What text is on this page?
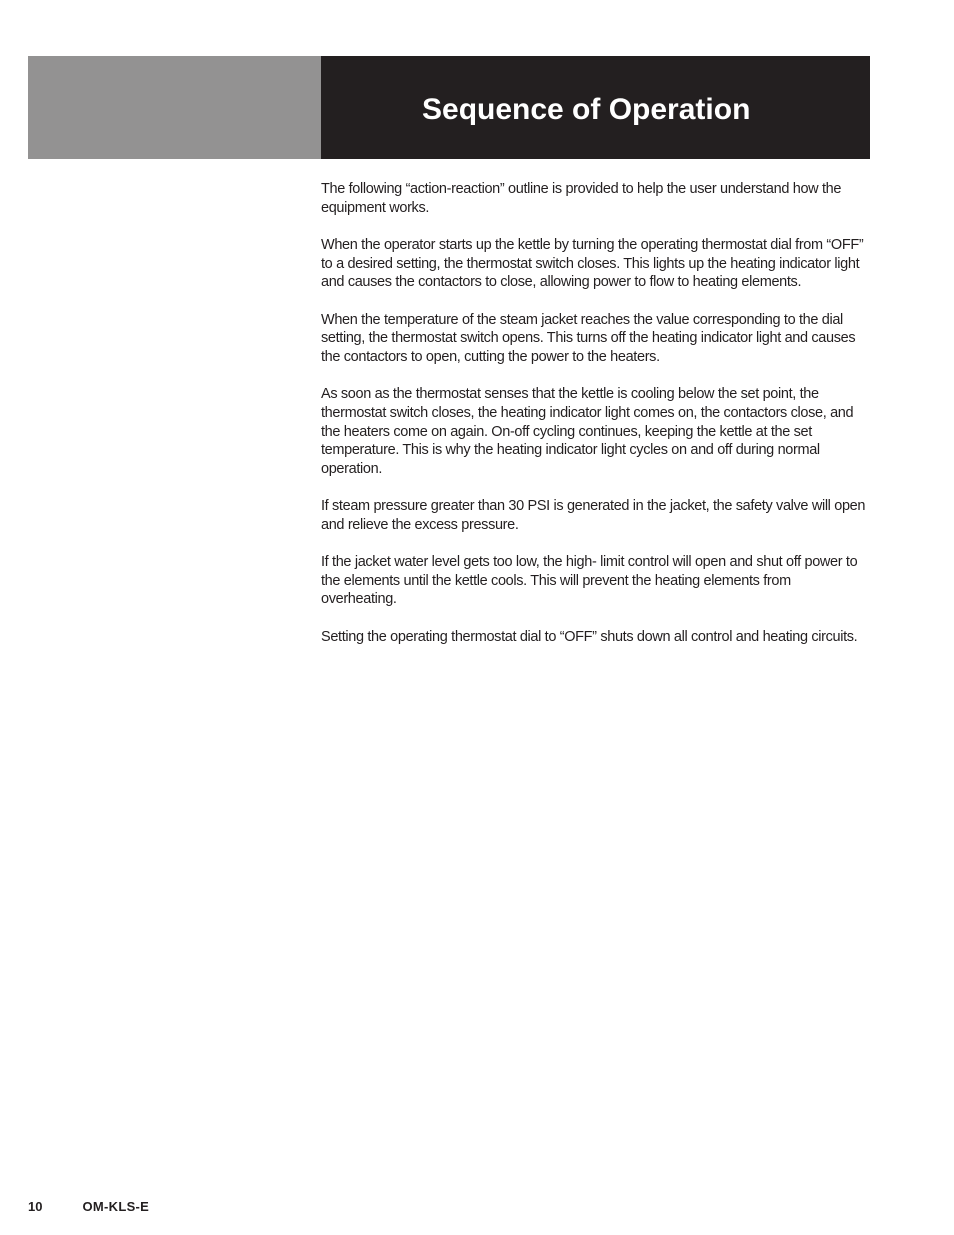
Sequence of Operation

The following “action-reaction” outline is provided to help the user understand how the equipment works.

When the operator starts up the kettle by turning the operating thermostat dial from “OFF” to a desired setting, the thermostat switch closes. This lights up the heating indicator light and causes the contactors to close, allowing power to flow to heating elements.

When the temperature of the steam jacket reaches the value corresponding to the dial setting, the thermostat switch opens. This turns off the heating indicator light and causes the contactors to open, cutting the power to the heaters.

As soon as the thermostat senses that the kettle is cooling below the set point, the thermostat switch closes, the heating indicator light comes on, the contactors close, and the heaters come on again. On-off cycling continues, keeping the kettle at the set temperature. This is why the heating indicator light cycles on and off during normal operation.

If steam pressure greater than 30 PSI is generated in the jacket, the safety valve will open and relieve the excess pressure.

If the jacket water level gets too low, the high- limit control will open and shut off power to the elements until the kettle cools. This will prevent the heating elements from overheating.

Setting the operating thermostat dial to “OFF” shuts down all control and heating circuits.

10	OM-KLS-E
